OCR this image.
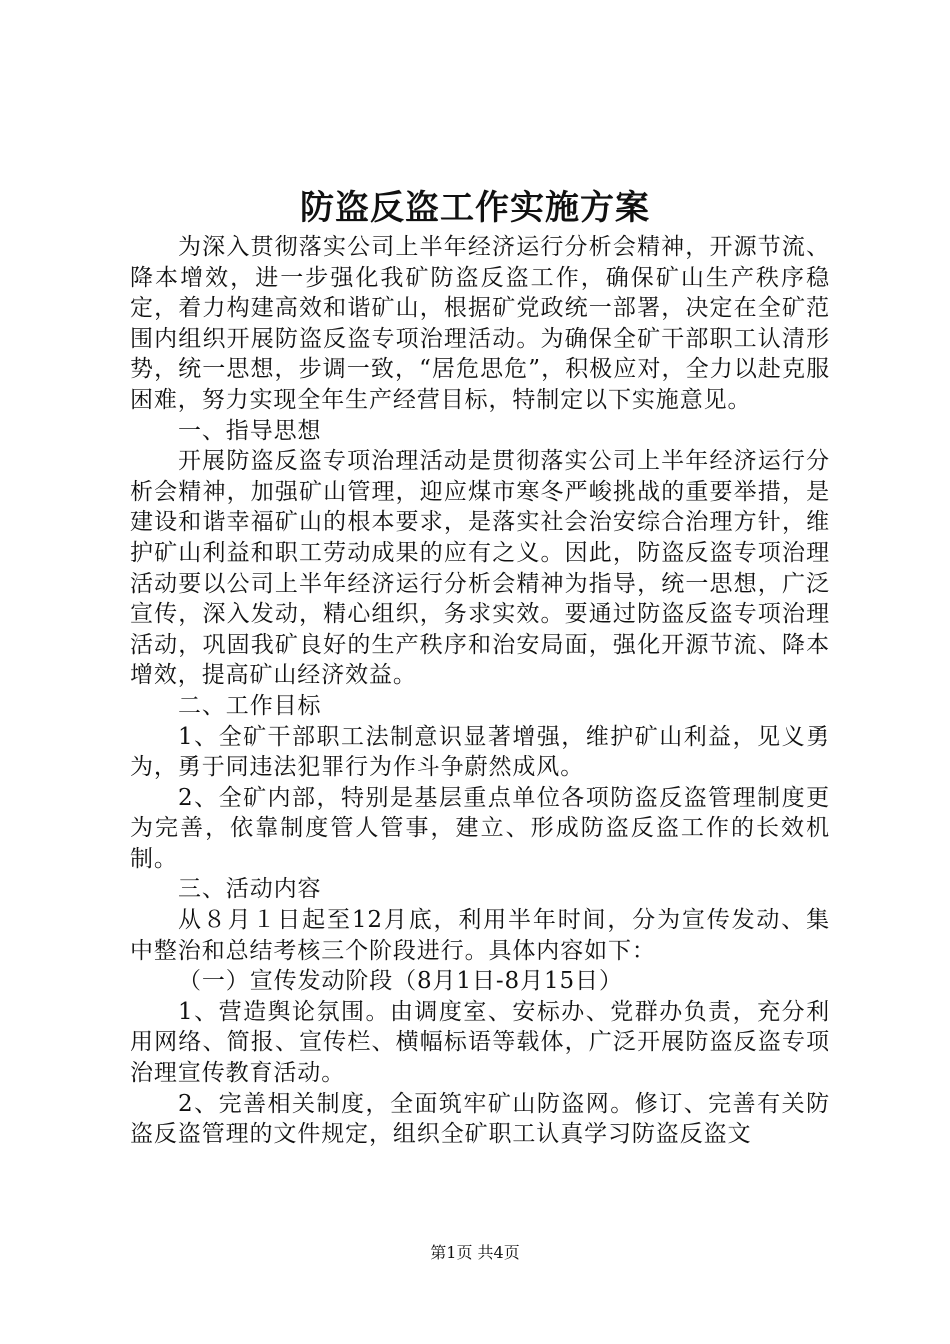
防盗反盗工作实施方案

为深入贯彻落实公司上半年经济运行分析会精神，开源节流、降本增效，进一步强化我矿防盗反盗工作，确保矿山生产秩序稳定，着力构建高效和谐矿山，根据矿党政统一部署，决定在全矿范围内组织开展防盗反盗专项治理活动。为确保全矿干部职工认清形势，统一思想，步调一致，“居危思危”，积极应对，全力以赴克服困难，努力实现全年生产经营目标，特制定以下实施意见。

一、指导思想

开展防盗反盗专项治理活动是贯彻落实公司上半年经济运行分析会精神，加强矿山管理，迎应煤市寒冬严峻挑战的重要举措，是建设和谐幸福矿山的根本要求，是落实社会治安综合治理方针，维护矿山利益和职工劳动成果的应有之义。因此，防盗反盗专项治理活动要以公司上半年经济运行分析会精神为指导，统一思想，广泛宣传，深入发动，精心组织，务求实效。要通过防盗反盗专项治理活动，巩固我矿良好的生产秩序和治安局面，强化开源节流、降本增效，提高矿山经济效益。

二、工作目标

1、全矿干部职工法制意识显著增强，维护矿山利益，见义勇为，勇于同违法犯罪行为作斗争蔚然成风。

2、全矿内部，特别是基层重点单位各项防盗反盗管理制度更为完善，依靠制度管人管事，建立、形成防盗反盗工作的长效机制。

三、活动内容

从８月１日起至12月底，利用半年时间，分为宣传发动、集中整治和总结考核三个阶段进行。具体内容如下：

（一）宣传发动阶段（8月1日-8月15日）

1、营造舆论氛围。由调度室、安标办、党群办负责，充分利用网络、简报、宣传栏、横幅标语等载体，广泛开展防盗反盗专项治理宣传教育活动。

2、完善相关制度，全面筑牢矿山防盗网。修订、完善有关防盗反盗管理的文件规定，组织全矿职工认真学习防盗反盗文

第1页 共4页
